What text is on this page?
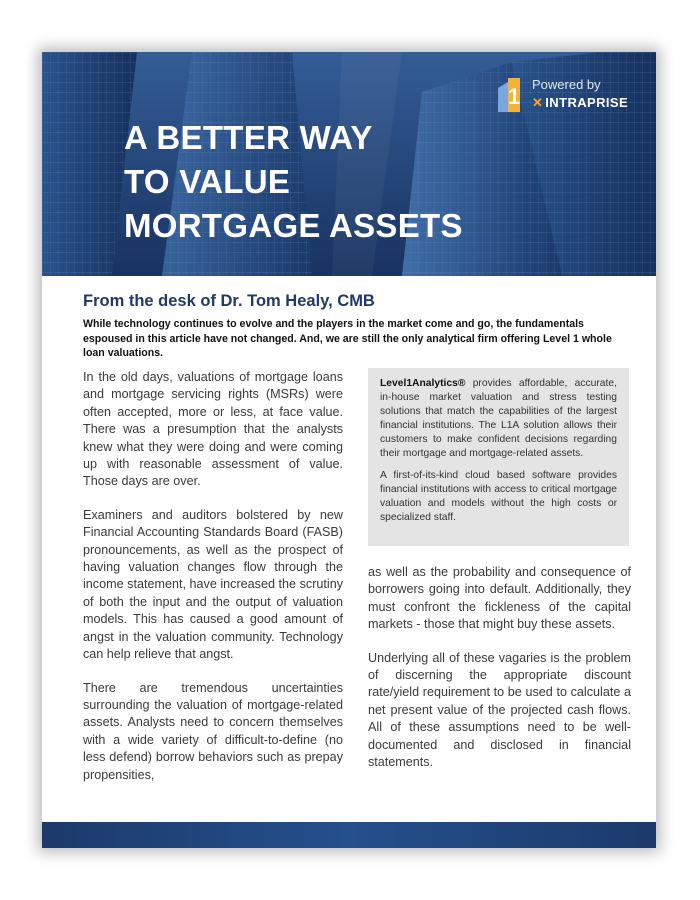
A BETTER WAY
TO VALUE
MORTGAGE ASSETS
1 Powered by
✕ INTRAPRISE
From the desk of Dr. Tom Healy, CMB

While technology continues to evolve and the players in the market come and go, the fundamentals espoused in this article have not changed. And, we are still the only analytical firm offering Level 1 whole loan valuations.

In the old days, valuations of mortgage loans and mortgage servicing rights (MSRs) were often accepted, more or less, at face value. There was a presumption that the analysts knew what they were doing and were coming up with reasonable assessment of value. Those days are over.

Examiners and auditors bolstered by new Financial Accounting Standards Board (FASB) pronouncements, as well as the prospect of having valuation changes flow through the income statement, have increased the scrutiny of both the input and the output of valuation models. This has caused a good amount of angst in the valuation community. Technology can help relieve that angst.

There are tremendous uncertainties surrounding the valuation of mortgage-related assets. Analysts need to concern themselves with a wide variety of difficult-to-define (no less defend) borrow behaviors such as prepay propensities,

Level1Analytics® provides affordable, accurate, in-house market valuation and stress testing solutions that match the capabilities of the largest financial institutions. The L1A solution allows their customers to make confident decisions regarding their mortgage and mortgage-related assets.

A first-of-its-kind cloud based software provides financial institutions with access to critical mortgage valuation and models without the high costs or specialized staff.

as well as the probability and consequence of borrowers going into default. Additionally, they must confront the fickleness of the capital markets - those that might buy these assets.

Underlying all of these vagaries is the problem of discerning the appropriate discount rate/yield requirement to be used to calculate a net present value of the projected cash flows. All of these assumptions need to be well-documented and disclosed in financial statements.
